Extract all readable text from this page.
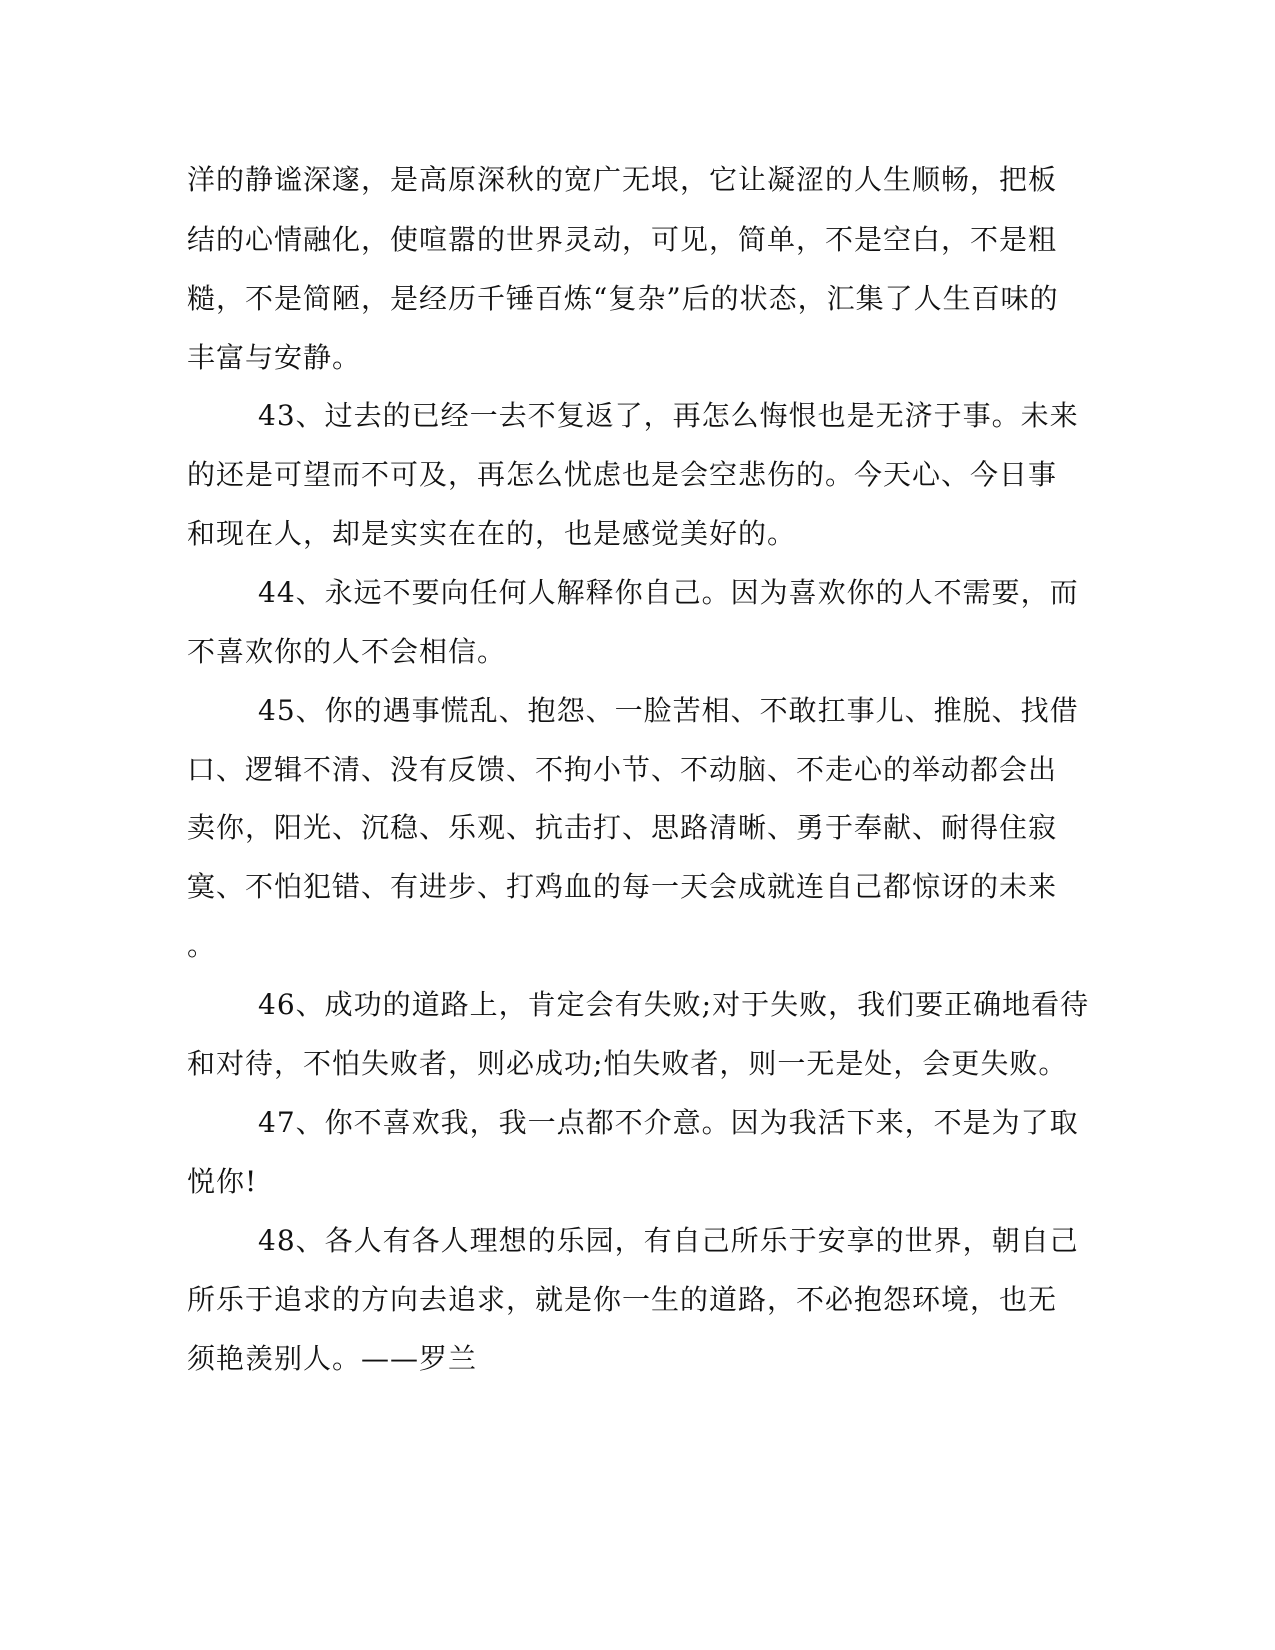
洋的静谧深邃，是高原深秋的宽广无垠，它让凝涩的人生顺畅，把板
结的心情融化，使喧嚣的世界灵动，可见，简单，不是空白，不是粗
糙，不是简陋，是经历千锤百炼“复杂”后的状态，汇集了人生百味的
丰富与安静。
43、过去的已经一去不复返了，再怎么悔恨也是无济于事。未来
的还是可望而不可及，再怎么忧虑也是会空悲伤的。今天心、今日事
和现在人，却是实实在在的，也是感觉美好的。
44、永远不要向任何人解释你自己。因为喜欢你的人不需要，而
不喜欢你的人不会相信。
45、你的遇事慌乱、抱怨、一脸苦相、不敢扛事儿、推脱、找借
口、逻辑不清、没有反馈、不拘小节、不动脑、不走心的举动都会出
卖你，阳光、沉稳、乐观、抗击打、思路清晰、勇于奉献、耐得住寂
寞、不怕犯错、有进步、打鸡血的每一天会成就连自己都惊讶的未来
。
46、成功的道路上，肯定会有失败;对于失败，我们要正确地看待
和对待，不怕失败者，则必成功;怕失败者，则一无是处，会更失败。
47、你不喜欢我，我一点都不介意。因为我活下来，不是为了取
悦你!
48、各人有各人理想的乐园，有自己所乐于安享的世界，朝自己
所乐于追求的方向去追求，就是你一生的道路，不必抱怨环境，也无
须艳羡别人。——罗兰
